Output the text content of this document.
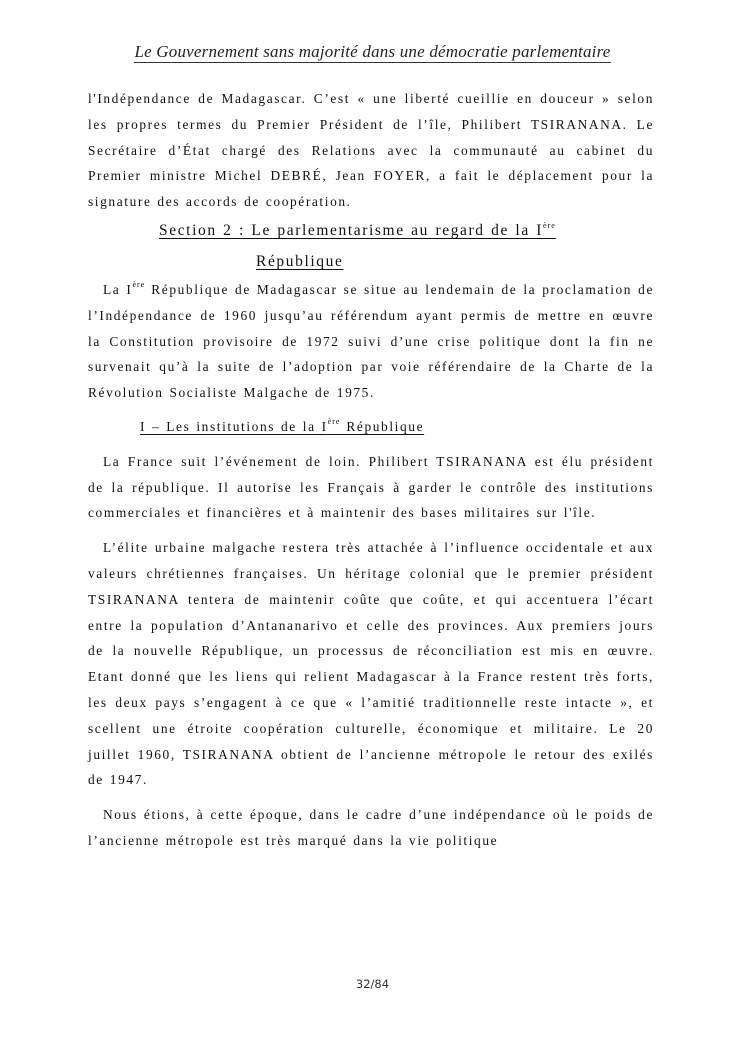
Le Gouvernement sans majorité dans une démocratie parlementaire

l'Indépendance de Madagascar. C’est « une liberté cueillie en douceur » selon les propres termes du Premier Président de l’île, Philibert TSIRANANA. Le Secrétaire d’État chargé des Relations avec la communauté au cabinet du Premier ministre Michel DEBRÉ, Jean FOYER, a fait le déplacement pour la signature des accords de coopération.

Section 2 : Le parlementarisme au regard de la Ière
République

La Ière République de Madagascar se situe au lendemain de la proclamation de l’Indépendance de 1960 jusqu’au référendum ayant permis de mettre en œuvre la Constitution provisoire de 1972 suivi d’une crise politique dont la fin ne survenait qu’à la suite de l’adoption par voie référendaire de la Charte de la Révolution Socialiste Malgache de 1975.

I – Les institutions de la Ière République

La France suit l’événement de loin. Philibert TSIRANANA est élu président de la république. Il autorise les Français à garder le contrôle des institutions commerciales et financières et à maintenir des bases militaires sur l'île.

L’élite urbaine malgache restera très attachée à l’influence occidentale et aux valeurs chrétiennes françaises. Un héritage colonial que le premier président TSIRANANA tentera de maintenir coûte que coûte, et qui accentuera l’écart entre la population d’Antananarivo et celle des provinces. Aux premiers jours de la nouvelle République, un processus de réconciliation est mis en œuvre. Etant donné que les liens qui relient Madagascar à la France restent très forts, les deux pays s’engagent à ce que « l’amitié traditionnelle reste intacte », et scellent une étroite coopération culturelle, économique et militaire. Le 20 juillet 1960, TSIRANANA obtient de l’ancienne métropole le retour des exilés de 1947.

Nous étions, à cette époque, dans le cadre d’une indépendance où le poids de l’ancienne métropole est très marqué dans la vie politique

32/84
